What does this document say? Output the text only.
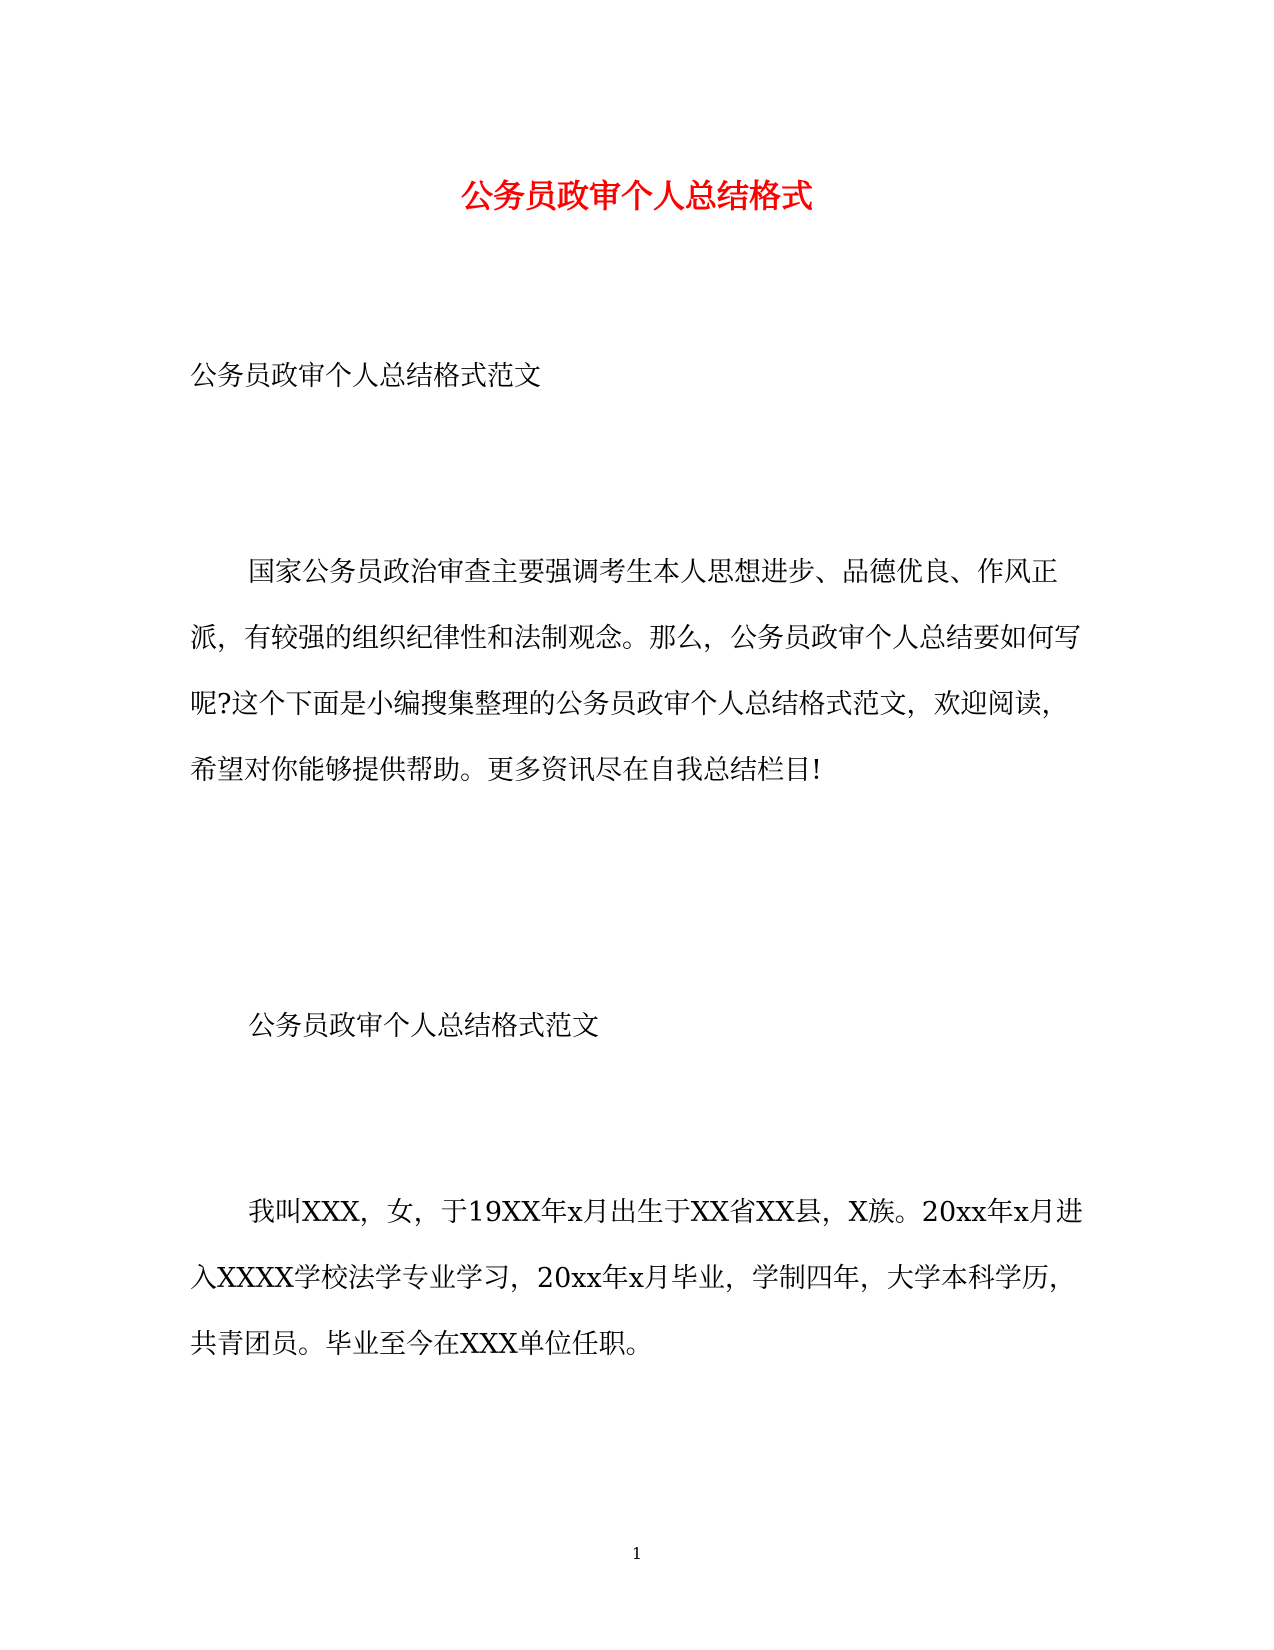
公务员政审个人总结格式

公务员政审个人总结格式范文

国家公务员政治审查主要强调考生本人思想进步、品德优良、作风正派，有较强的组织纪律性和法制观念。那么，公务员政审个人总结要如何写呢?这个下面是小编搜集整理的公务员政审个人总结格式范文，欢迎阅读，希望对你能够提供帮助。更多资讯尽在自我总结栏目!

公务员政审个人总结格式范文

我叫XXX，女，于19XX年x月出生于XX省XX县，X族。20xx年x月进入XXXX学校法学专业学习，20xx年x月毕业，学制四年，大学本科学历，共青团员。毕业至今在XXX单位任职。

1
